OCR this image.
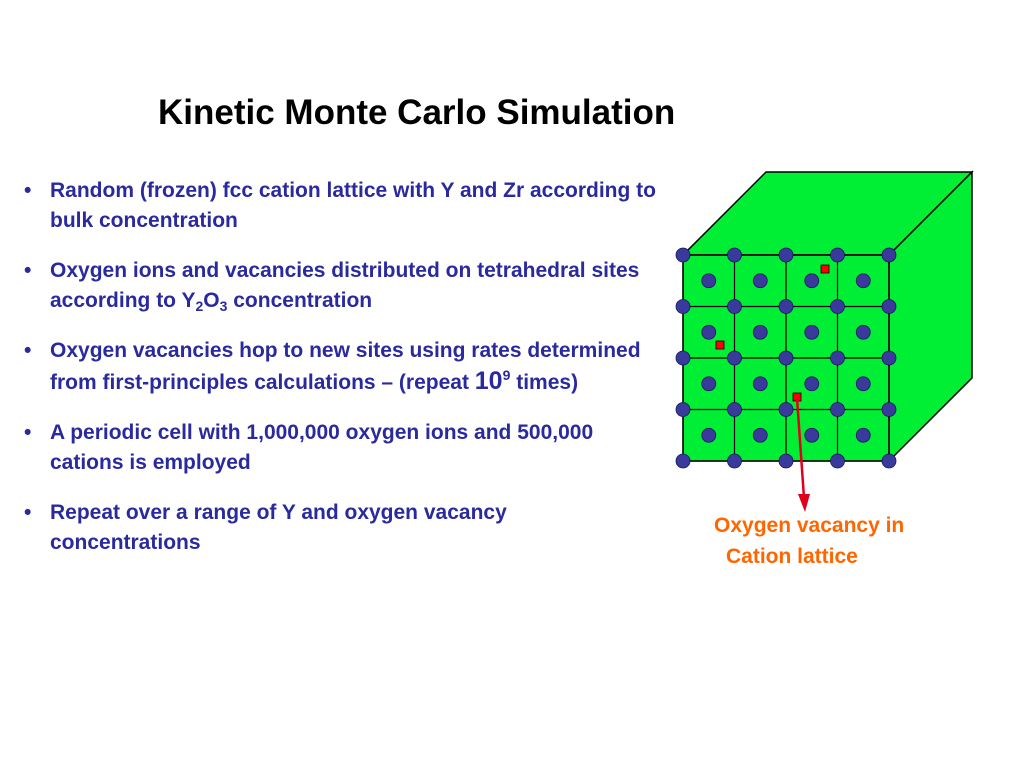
Kinetic Monte Carlo Simulation
• Random (frozen) fcc cation lattice with Y and Zr according to bulk concentration
• Oxygen ions and vacancies distributed on tetrahedral sites according to $Y_2O_3$ concentration
• Oxygen vacancies hop to new sites using rates determined from first-principles calculations – (repeat $10^9$ times)
• A periodic cell with 1,000,000 oxygen ions and 500,000 cations is employed
• Repeat over a range of Y and oxygen vacancy concentrations

Oxygen vacancy in
Cation lattice
